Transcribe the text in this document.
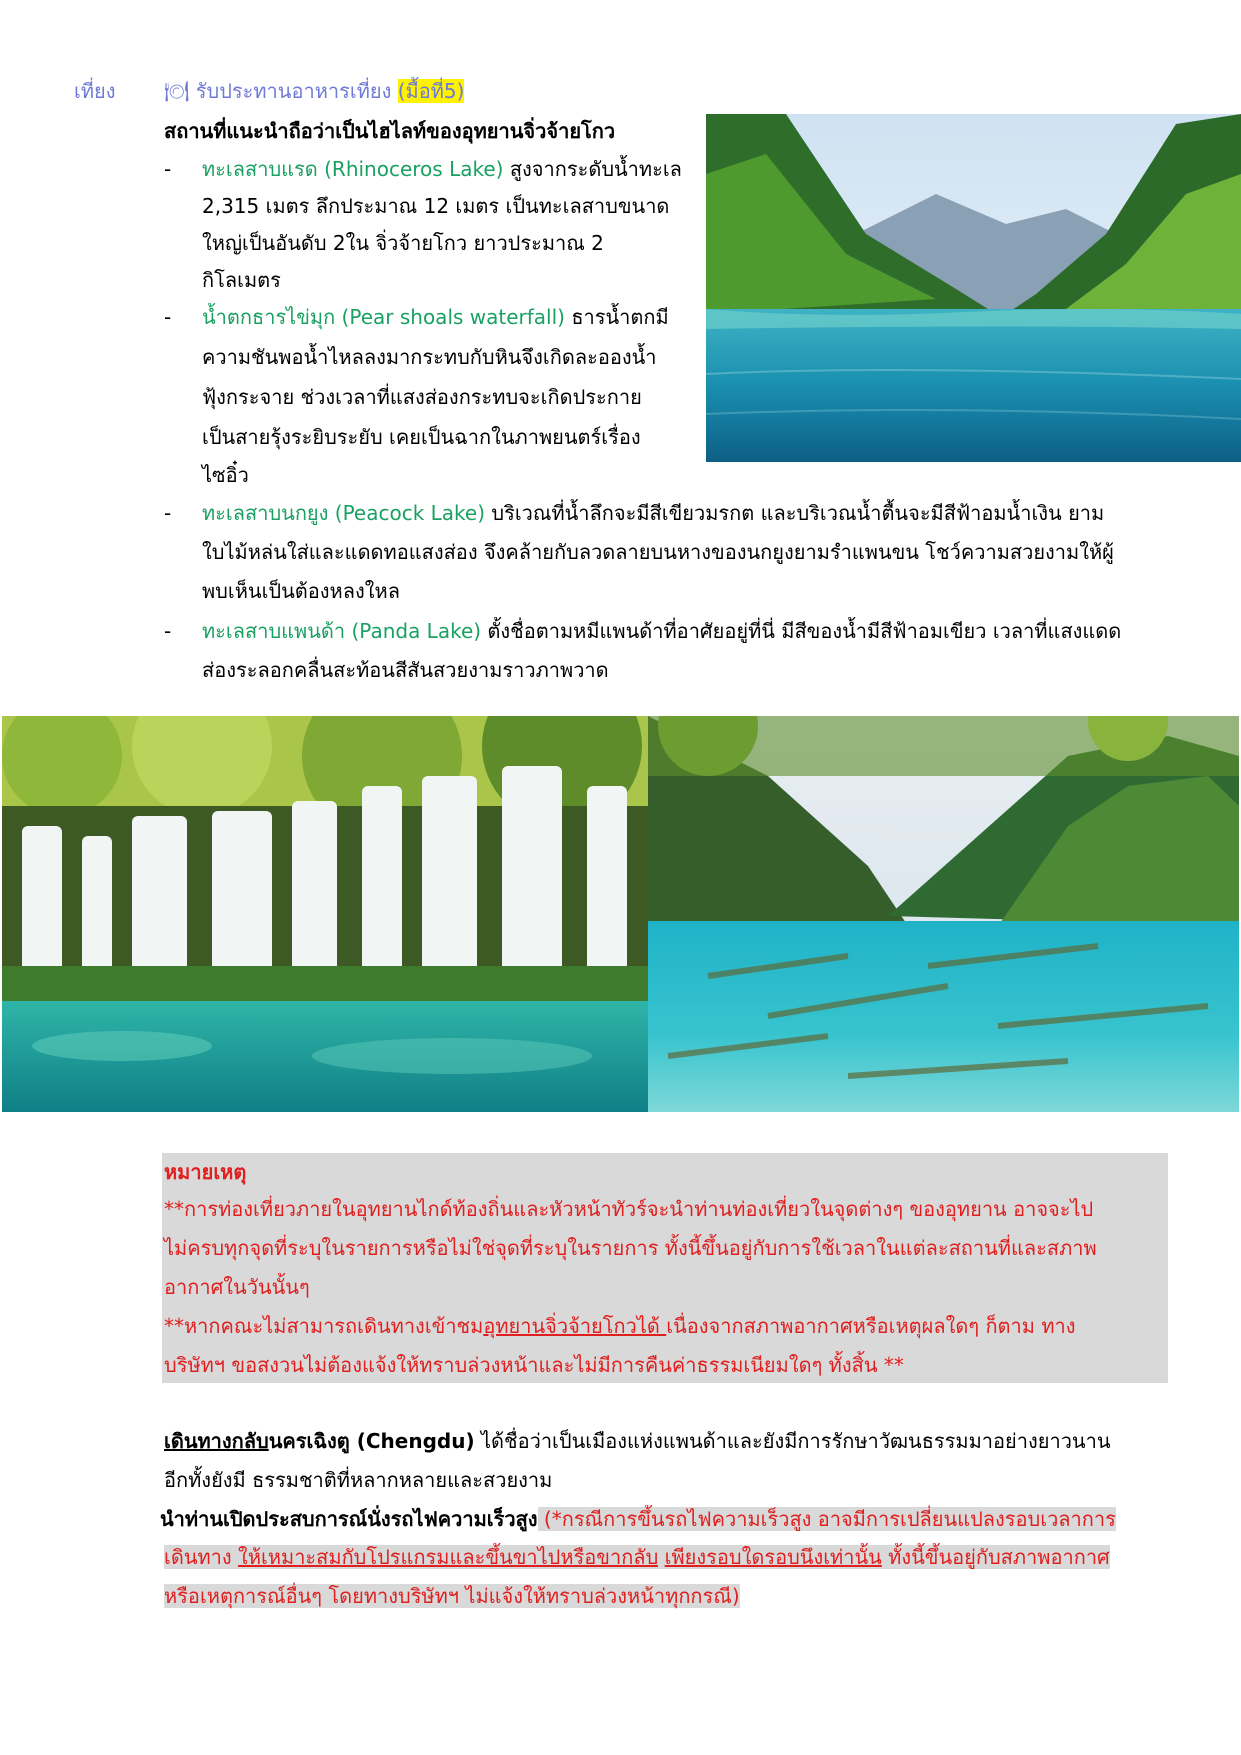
เที่ยง 🍽︎ รับประทานอาหารเที่ยง (มื้อที่5)
สถานที่แนะนำถือว่าเป็นไฮไลท์ของอุทยานจิ่วจ้ายโกว
- ทะเลสาบแรด (Rhinoceros Lake) สูงจากระดับน้ำทะเล
2,315 เมตร ลึกประมาณ 12 เมตร เป็นทะเลสาบขนาด
ใหญ่เป็นอันดับ 2ใน จิ่วจ้ายโกว ยาวประมาณ 2
กิโลเมตร
- น้ำตกธารไข่มุก (Pear shoals waterfall) ธารน้ำตกมี
ความชันพอน้ำไหลลงมากระทบกับหินจึงเกิดละอองน้ำ
ฟุ้งกระจาย ช่วงเวลาที่แสงส่องกระทบจะเกิดประกาย
เป็นสายรุ้งระยิบระยับ เคยเป็นฉากในภาพยนตร์เรื่อง
ไซอิ๋ว
- ทะเลสาบนกยูง (Peacock Lake) บริเวณที่น้ำลึกจะมีสีเขียวมรกต และบริเวณน้ำตื้นจะมีสีฟ้าอมน้ำเงิน ยาม
ใบไม้หล่นใส่และแดดทอแสงส่อง จึงคล้ายกับลวดลายบนหางของนกยูงยามรำแพนขน โชว์ความสวยงามให้ผู้
พบเห็นเป็นต้องหลงใหล
- ทะเลสาบแพนด้า (Panda Lake) ตั้งชื่อตามหมีแพนด้าที่อาศัยอยู่ที่นี่ มีสีของน้ำมีสีฟ้าอมเขียว เวลาที่แสงแดด
ส่องระลอกคลื่นสะท้อนสีสันสวยงามราวภาพวาด
หมายเหตุ
**การท่องเที่ยวภายในอุทยานไกด์ท้องถิ่นและหัวหน้าทัวร์จะนำท่านท่องเที่ยวในจุดต่างๆ ของอุทยาน อาจจะไป
ไม่ครบทุกจุดที่ระบุในรายการหรือไม่ใช่จุดที่ระบุในรายการ ทั้งนี้ขึ้นอยู่กับการใช้เวลาในแต่ละสถานที่และสภาพ
อากาศในวันนั้นๆ
**หากคณะไม่สามารถเดินทางเข้าชมอุทยานจิ่วจ้ายโกวได้ เนื่องจากสภาพอากาศหรือเหตุผลใดๆ ก็ตาม ทาง
บริษัทฯ ขอสงวนไม่ต้องแจ้งให้ทราบล่วงหน้าและไม่มีการคืนค่าธรรมเนียมใดๆ ทั้งสิ้น **
เดินทางกลับนครเฉิงตู (Chengdu) ได้ชื่อว่าเป็นเมืองแห่งแพนด้าและยังมีการรักษาวัฒนธรรมมาอย่างยาวนาน
อีกทั้งยังมี ธรรมชาติที่หลากหลายและสวยงาม
นำท่านเปิดประสบการณ์นั่งรถไฟความเร็วสูง (*กรณีการขึ้นรถไฟความเร็วสูง อาจมีการเปลี่ยนแปลงรอบเวลาการ
เดินทาง ให้เหมาะสมกับโปรแกรมและขึ้นขาไปหรือขากลับ เพียงรอบใดรอบนึงเท่านั้น ทั้งนี้ขึ้นอยู่กับสภาพอากาศ
หรือเหตุการณ์อื่นๆ โดยทางบริษัทฯ ไม่แจ้งให้ทราบล่วงหน้าทุกกรณี)
